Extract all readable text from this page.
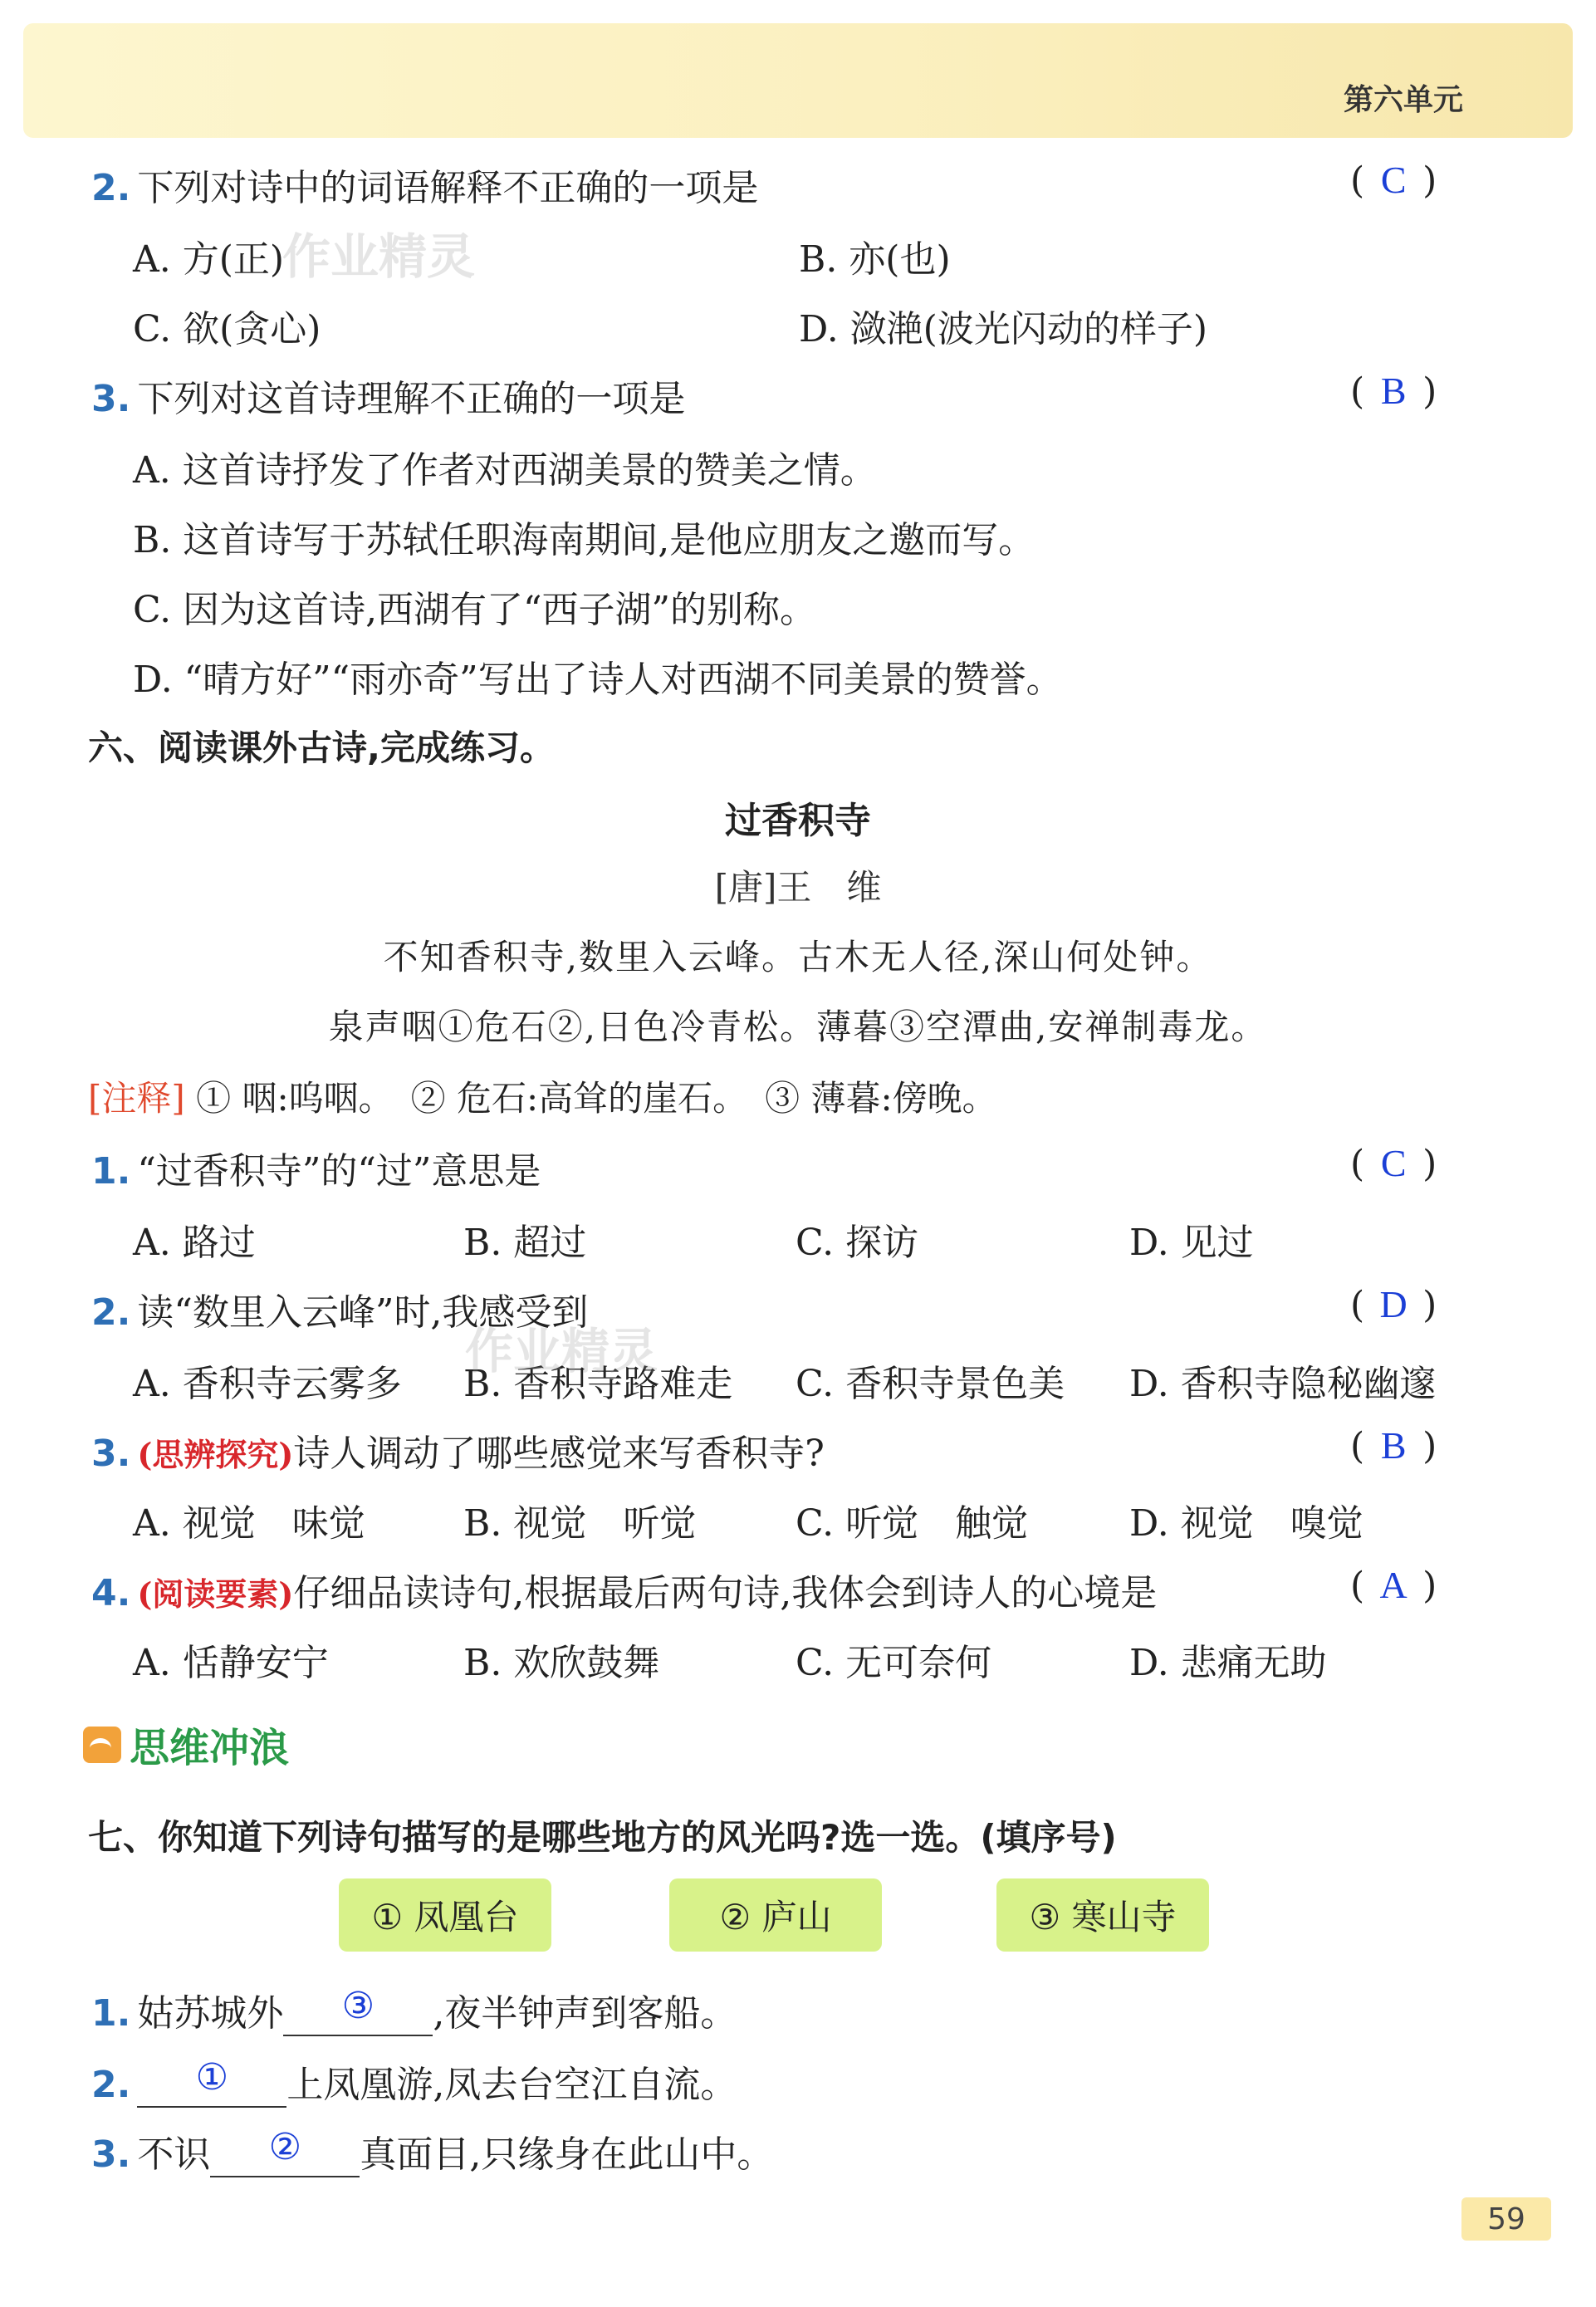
第六单元
2. 下列对诗中的词语解释不正确的一项是	( C )
A. 方(正)	B. 亦(也)
C. 欲(贪心)	D. 潋滟(波光闪动的样子)
3. 下列对这首诗理解不正确的一项是	( B )
A. 这首诗抒发了作者对西湖美景的赞美之情。
B. 这首诗写于苏轼任职海南期间,是他应朋友之邀而写。
C. 因为这首诗,西湖有了“西子湖”的别称。
D. “晴方好”“雨亦奇”写出了诗人对西湖不同美景的赞誉。
六、阅读课外古诗,完成练习。
过香积寺
[唐]王　维
不知香积寺,数里入云峰。古木无人径,深山何处钟。
泉声咽①危石②,日色冷青松。薄暮③空潭曲,安禅制毒龙。
[注释] ① 咽:呜咽。　② 危石:高耸的崖石。　③ 薄暮:傍晚。
1. “过香积寺”的“过”意思是	( C )
A. 路过	B. 超过	C. 探访	D. 见过
2. 读“数里入云峰”时,我感受到	( D )
A. 香积寺云雾多 B. 香积寺路难走 C. 香积寺景色美 D. 香积寺隐秘幽邃
3. (思辨探究)诗人调动了哪些感觉来写香积寺?	( B )
A. 视觉　味觉	B. 视觉　听觉	C. 听觉　触觉	D. 视觉　嗅觉
4. (阅读要素)仔细品读诗句,根据最后两句诗,我体会到诗人的心境是	( A )
A. 恬静安宁	B. 欢欣鼓舞	C. 无可奈何	D. 悲痛无助
思维冲浪
七、你知道下列诗句描写的是哪些地方的风光吗?选一选。(填序号)
① 凤凰台	② 庐山	③ 寒山寺
1. 姑苏城外 ③ ,夜半钟声到客船。
2. ① 上凤凰游,凤去台空江自流。
3. 不识 ② 真面目,只缘身在此山中。
作业精灵
作业精灵
59
